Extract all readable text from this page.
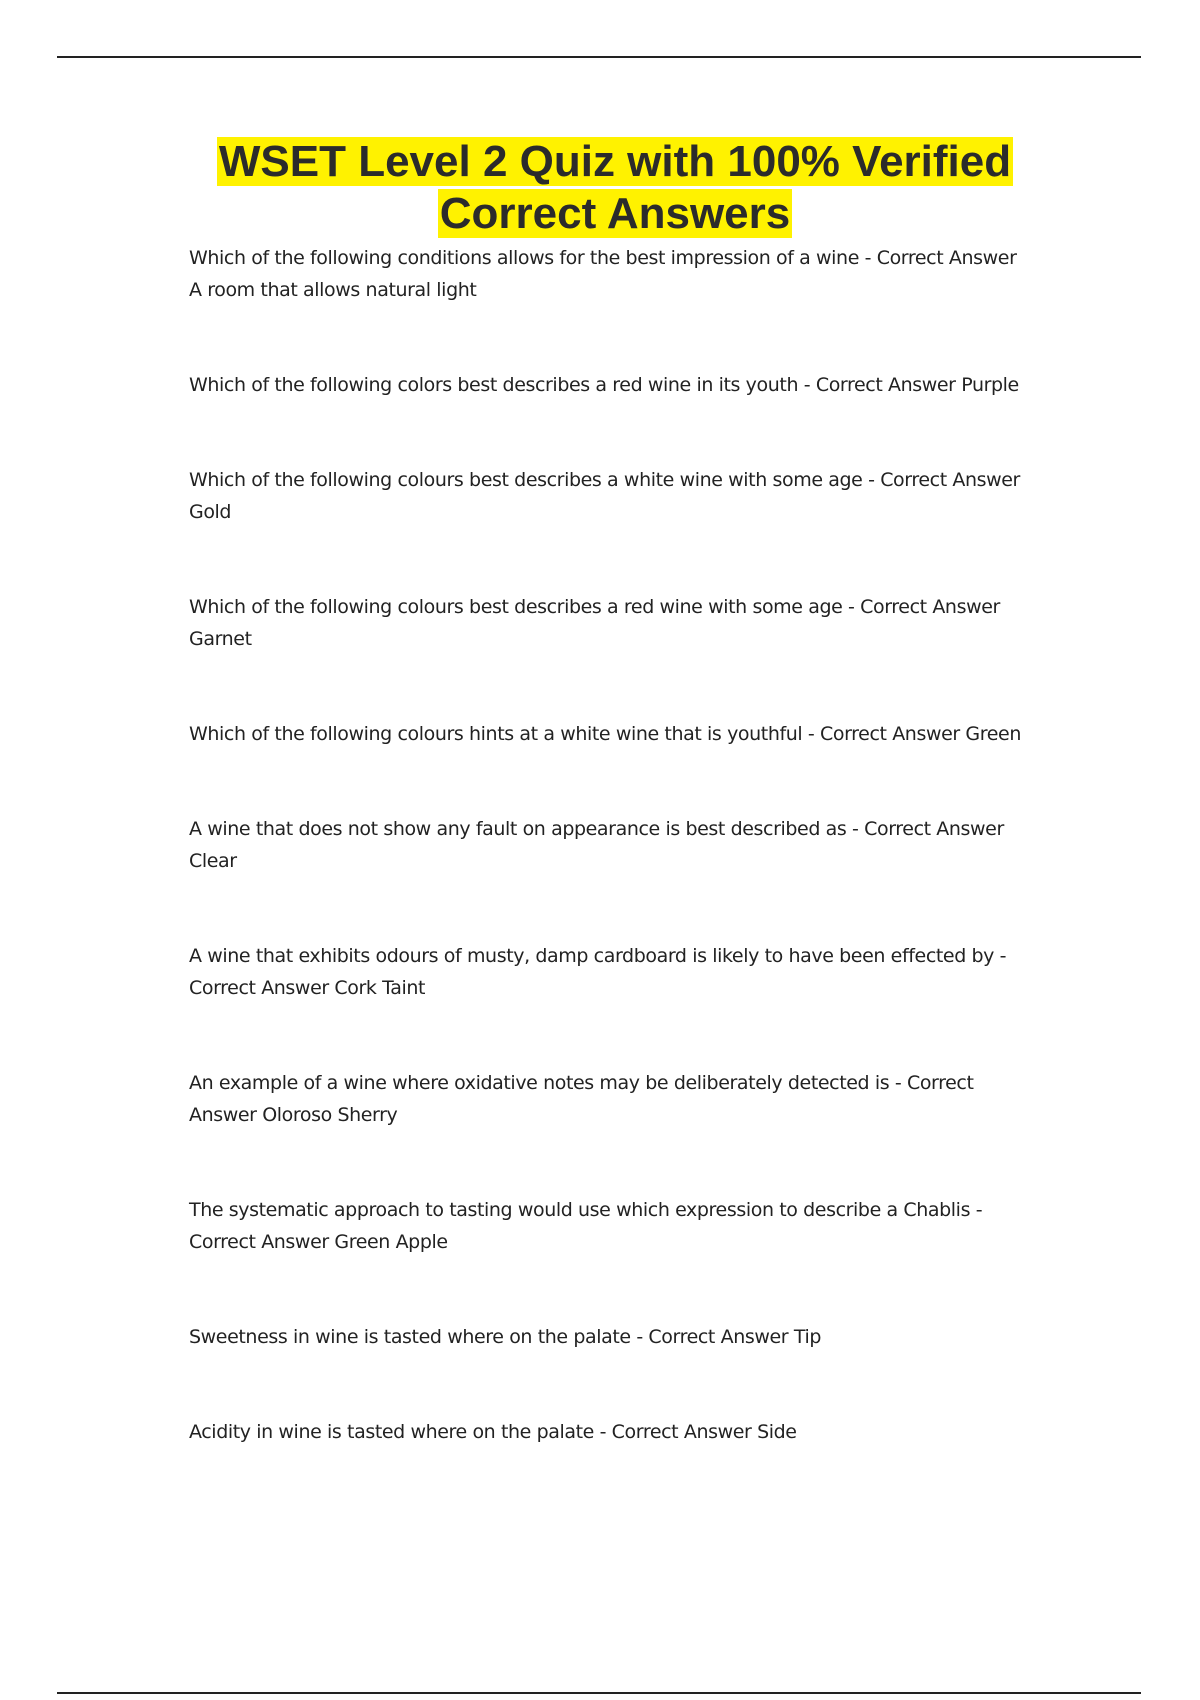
WSET Level 2 Quiz with 100% Verified
Correct Answers
Which of the following conditions allows for the best impression of a wine - Correct Answer
A room that allows natural light
Which of the following colors best describes a red wine in its youth - Correct Answer Purple
Which of the following colours best describes a white wine with some age - Correct Answer
Gold
Which of the following colours best describes a red wine with some age - Correct Answer
Garnet
Which of the following colours hints at a white wine that is youthful - Correct Answer Green
A wine that does not show any fault on appearance is best described as - Correct Answer
Clear
A wine that exhibits odours of musty, damp cardboard is likely to have been effected by -
Correct Answer Cork Taint
An example of a wine where oxidative notes may be deliberately detected is - Correct
Answer Oloroso Sherry
The systematic approach to tasting would use which expression to describe a Chablis -
Correct Answer Green Apple
Sweetness in wine is tasted where on the palate - Correct Answer Tip
Acidity in wine is tasted where on the palate - Correct Answer Side
